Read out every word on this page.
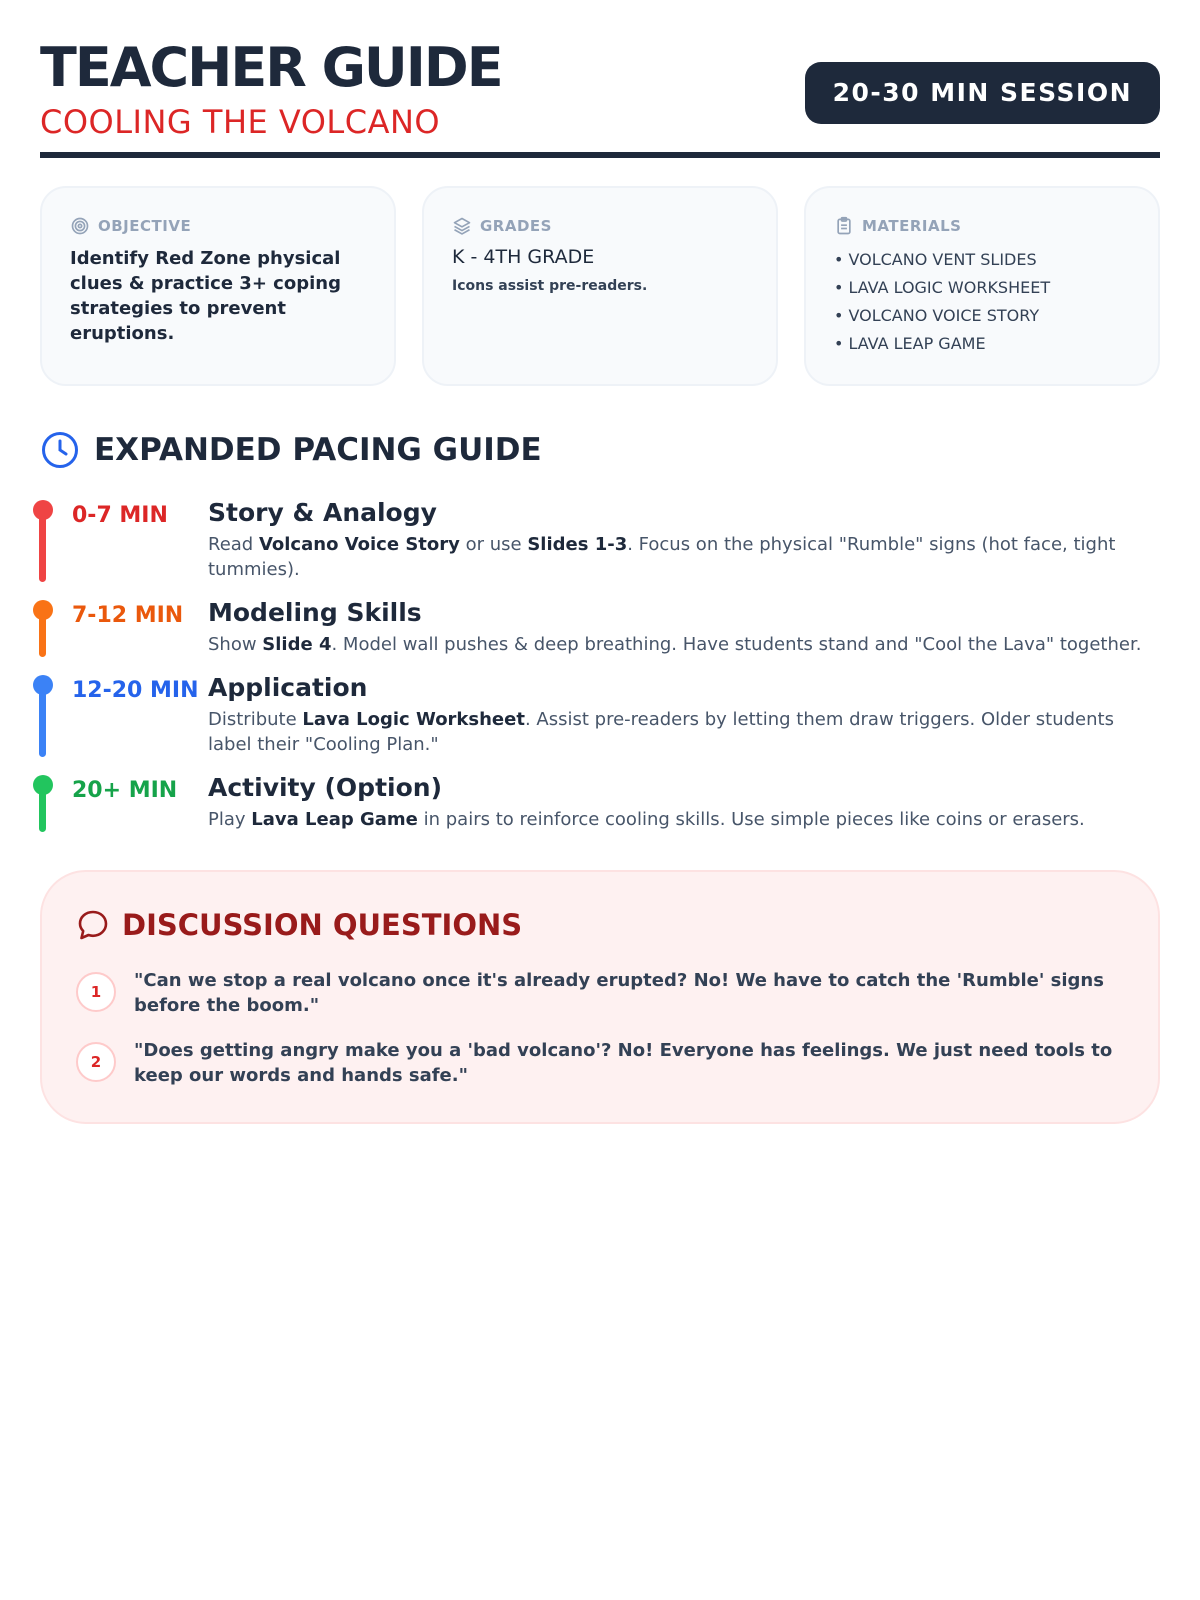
TEACHER GUIDE
COOLING THE VOLCANO
20-30 MIN SESSION
OBJECTIVE
Identify Red Zone physical clues & practice 3+ coping strategies to prevent eruptions.
GRADES
K - 4TH GRADE
Icons assist pre-readers.
MATERIALS
• VOLCANO VENT SLIDES
• LAVA LOGIC WORKSHEET
• VOLCANO VOICE STORY
• LAVA LEAP GAME
EXPANDED PACING GUIDE
0-7 MIN	Story & Analogy
Read Volcano Voice Story or use Slides 1-3. Focus on the physical "Rumble" signs (hot face, tight tummies).
7-12 MIN Modeling Skills
Show Slide 4. Model wall pushes & deep breathing. Have students stand and "Cool the Lava" together.
12-20 MIN Application
Distribute Lava Logic Worksheet. Assist pre-readers by letting them draw triggers. Older students label their "Cooling Plan."
20+ MIN	Activity (Option)
Play Lava Leap Game in pairs to reinforce cooling skills. Use simple pieces like coins or erasers.
DISCUSSION QUESTIONS
1
"Can we stop a real volcano once it's already erupted? No! We have to catch the 'Rumble' signs before the boom."
2
"Does getting angry make you a 'bad volcano'? No! Everyone has feelings. We just need tools to keep our words and hands safe."
